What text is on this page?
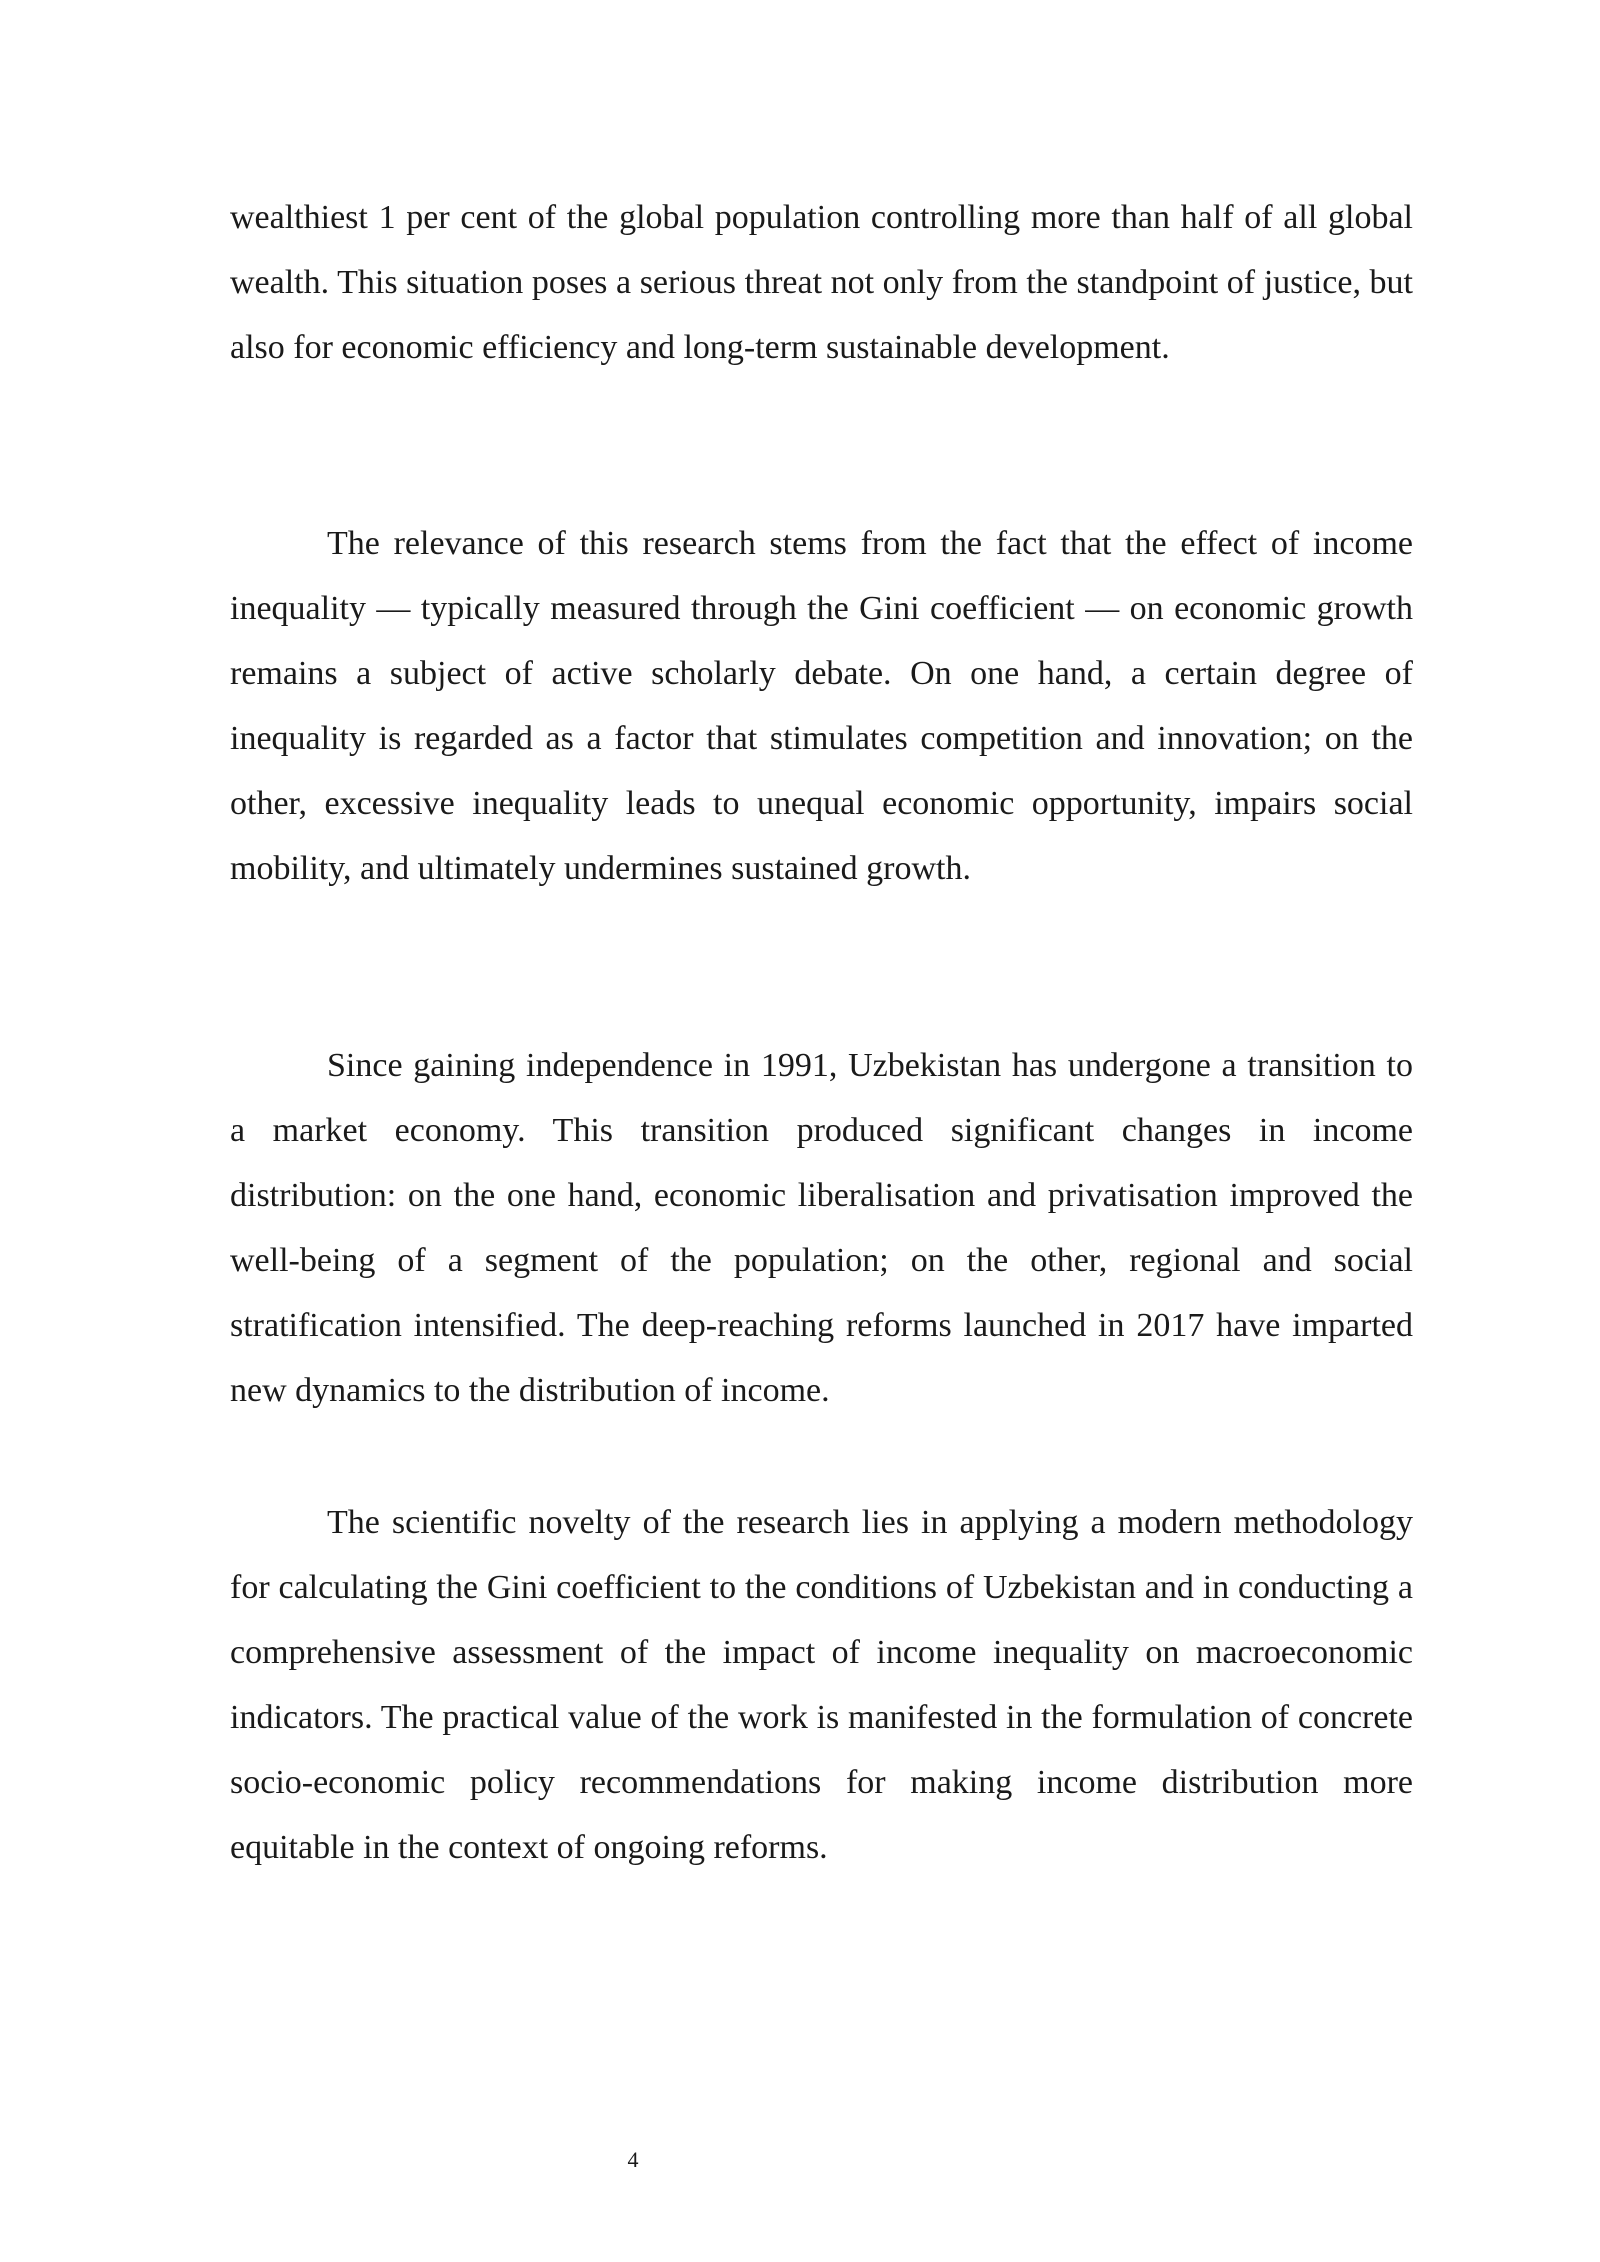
wealthiest 1 per cent of the global population controlling more than half of all global wealth. This situation poses a serious threat not only from the standpoint of justice, but also for economic efficiency and long-term sustainable development.

The relevance of this research stems from the fact that the effect of income inequality — typically measured through the Gini coefficient — on economic growth remains a subject of active scholarly debate. On one hand, a certain degree of inequality is regarded as a factor that stimulates competition and innovation; on the other, excessive inequality leads to unequal economic opportunity, impairs social mobility, and ultimately undermines sustained growth.

Since gaining independence in 1991, Uzbekistan has undergone a transition to a market economy. This transition produced significant changes in income distribution: on the one hand, economic liberalisation and privatisation improved the well-being of a segment of the population; on the other, regional and social stratification intensified. The deep-reaching reforms launched in 2017 have imparted new dynamics to the distribution of income.

The scientific novelty of the research lies in applying a modern methodology for calculating the Gini coefficient to the conditions of Uzbekistan and in conducting a comprehensive assessment of the impact of income inequality on macroeconomic indicators. The practical value of the work is manifested in the formulation of concrete socio-economic policy recommendations for making income distribution more equitable in the context of ongoing reforms.

4
